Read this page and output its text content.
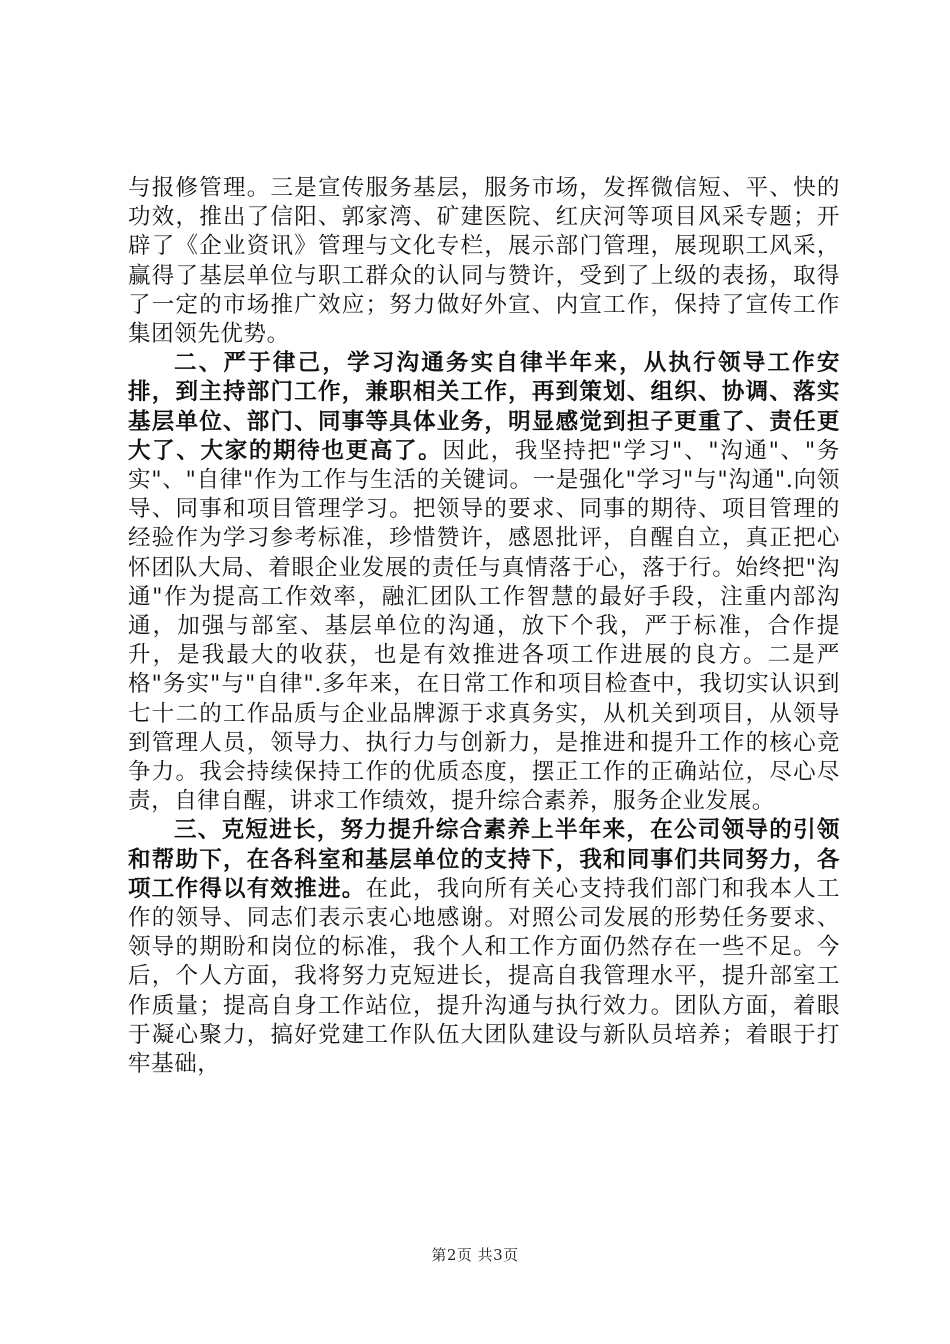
与报修管理。三是宣传服务基层，服务市场，发挥微信短、平、快的功效，推出了信阳、郭家湾、矿建医院、红庆河等项目风采专题；开辟了《企业资讯》管理与文化专栏，展示部门管理，展现职工风采，赢得了基层单位与职工群众的认同与赞许，受到了上级的表扬，取得了一定的市场推广效应；努力做好外宣、内宣工作，保持了宣传工作集团领先优势。

二、严于律己，学习沟通务实自律半年来，从执行领导工作安排，到主持部门工作，兼职相关工作，再到策划、组织、协调、落实基层单位、部门、同事等具体业务，明显感觉到担子更重了、责任更大了、大家的期待也更高了。因此，我坚持把"学习"、"沟通"、"务实"、"自律"作为工作与生活的关键词。一是强化"学习"与"沟通".向领导、同事和项目管理学习。把领导的要求、同事的期待、项目管理的经验作为学习参考标准，珍惜赞许，感恩批评，自醒自立，真正把心怀团队大局、着眼企业发展的责任与真情落于心，落于行。始终把"沟通"作为提高工作效率，融汇团队工作智慧的最好手段，注重内部沟通，加强与部室、基层单位的沟通，放下个我，严于标准，合作提升，是我最大的收获，也是有效推进各项工作进展的良方。二是严格"务实"与"自律".多年来，在日常工作和项目检查中，我切实认识到七十二的工作品质与企业品牌源于求真务实，从机关到项目，从领导到管理人员，领导力、执行力与创新力，是推进和提升工作的核心竞争力。我会持续保持工作的优质态度，摆正工作的正确站位，尽心尽责，自律自醒，讲求工作绩效，提升综合素养，服务企业发展。

三、克短进长，努力提升综合素养上半年来，在公司领导的引领和帮助下，在各科室和基层单位的支持下，我和同事们共同努力，各项工作得以有效推进。在此，我向所有关心支持我们部门和我本人工作的领导、同志们表示衷心地感谢。对照公司发展的形势任务要求、领导的期盼和岗位的标准，我个人和工作方面仍然存在一些不足。今后，个人方面，我将努力克短进长，提高自我管理水平，提升部室工作质量；提高自身工作站位，提升沟通与执行效力。团队方面，着眼于凝心聚力，搞好党建工作队伍大团队建设与新队员培养；着眼于打牢基础，

第2页 共3页
